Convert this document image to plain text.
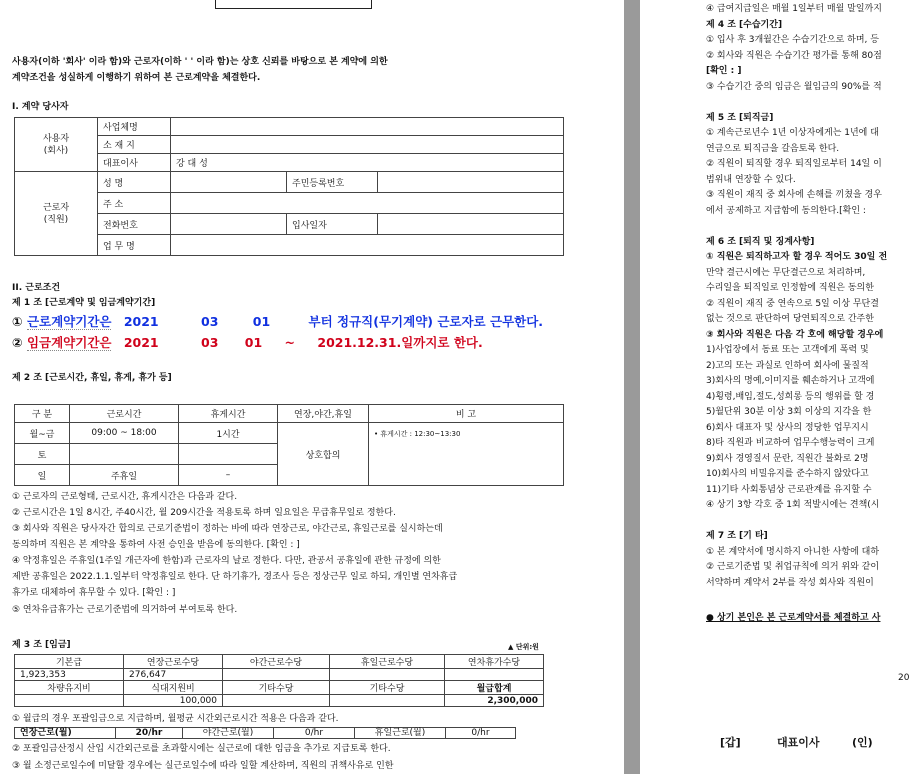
사용자(이하 '회사' 이라 함)와 근로자(이하 ' ' 이라 함)는 상호 신뢰를 바탕으로 본 계약에 의한
계약조건을 성실하게 이행하기 위하여 본 근로계약을 체결한다.
I. 계약 당사자
사용자
(회사)	사업체명			
	소 재 지			
	대표이사	강 대 성		
근로자
(직원)	성 명		주민등록번호	
	주 소			
	전화번호		입사일자	
	업 무 명			
II. 근로조건
제 1 조 [근로계약 및 임금계약기간]
① 근로계약기간은 2021	03	01	부터 정규직(무기계약) 근로자로 근무한다.
② 임금계약기간은 2021	03 01 ~ 2021.12.31.일까지로 한다.
제 2 조 [근로시간, 휴일, 휴게, 휴가 등]
구 분	근로시간	휴게시간	연장,야간,휴일	비 고
월~금	09:00 ~ 18:00	1시간	상호합의	• 휴게시간 : 12:30~13:30
토				
일	주휴일	–		
① 근로자의 근로형태, 근로시간, 휴게시간은 다음과 같다.
② 근로시간은 1일 8시간, 주40시간, 월 209시간을 적용토록 하며 일요일은 무급휴무일로 정한다.
③ 회사와 직원은 당사자간 합의로 근로기준법이 정하는 바에 따라 연장근로, 야간근로, 휴일근로를 실시하는데
동의하며 직원은 본 계약을 통하여 사전 승인을 받음에 동의한다. [확인 : ]
④ 약정휴일은 주휴일(1주일 개근자에 한함)과 근로자의 날로 정한다. 다만, 관공서 공휴일에 관한 규정에 의한
제반 공휴일은 2022.1.1.일부터 약정휴일로 한다. 단 하기휴가, 경조사 등은 정상근무 일로 하되, 개인별 연차휴급
휴가로 대체하여 휴무할 수 있다. [확인 : ]
⑤ 연차유급휴가는 근로기준법에 의거하여 부여토록 한다.
제 3 조 [임금]	▲ 단위:원
기본급	연장근로수당	야간근로수당	휴일근로수당	연차휴가수당
1,923,353	276,647			
차량유지비	식대지원비	기타수당	기타수당	월급합계
	100,000			2,300,000
① 월급의 경우 포괄임금으로 지급하며, 월평균 시간외근로시간 적용은 다음과 같다.
연장근로(월)	20/hr	야간근로(월)	0/hr	휴일근로(월)	0/hr
② 포괄임금산정시 산입 시간외근로를 초과할시에는 실근로에 대한 임금을 추가로 지급토록 한다.
③ 월 소정근로일수에 미달할 경우에는 실근로일수에 따라 일할 계산하며, 직원의 귀책사유로 인한
④ 급여지급일은 매월 1일부터 매월 말일까지
제 4 조 [수습기간]
① 입사 후 3개월간은 수습기간으로 하며, 등
② 회사와 직원은 수습기간 평가를 통해 80점
[확인 : ]
③ 수습기간 중의 임금은 월임금의 90%를 적
제 5 조 [퇴직금]
① 계속근로년수 1년 이상자에게는 1년에 대
연금으로 퇴직금을 갈음토록 한다.
② 직원이 퇴직할 경우 퇴직일로부터 14일 이
범위내 연장할 수 있다.
③ 직원이 재직 중 회사에 손해를 끼쳤을 경우
에서 공제하고 지급함에 동의한다.[확인 :
제 6 조 [퇴직 및 징계사항]
① 직원은 퇴직하고자 할 경우 적어도 30일 전
만약 결근시에는 무단결근으로 처리하며,
수리일을 퇴직일로 인정함에 직원은 동의한
② 직원이 재직 중 연속으로 5일 이상 무단결
없는 것으로 판단하여 당연퇴직으로 간주한
③ 회사와 직원은 다음 각 호에 해당할 경우에
1)사업장에서 동료 또는 고객에게 폭력 및
2)고의 또는 과실로 인하여 회사에 물질적
3)회사의 명예,이미지를 훼손하거나 고객에
4)횡령,배임,절도,성희롱 등의 행위를 할 경
5)월단위 30분 이상 3회 이상의 지각을 한
6)회사 대표자 및 상사의 정당한 업무지시
8)타 직원과 비교하여 업무수행능력이 크게
9)회사 경영질서 문란, 직원간 불화로 2명
10)회사의 비밀유지를 준수하지 않았다고
11)기타 사회통념상 근로관계를 유지할 수
④ 상기 3항 각호 중 1회 적발시에는 견책(시
제 7 조 [기 타]
① 본 계약서에 명시하지 아니한 사항에 대하
② 근로기준법 및 취업규칙에 의거 위와 같이
서약하며 계약서 2부를 작성 회사와 직원이
● 상기 본인은 본 근로계약서를 체결하고 사
20
[갑]	대표이사	(인)
